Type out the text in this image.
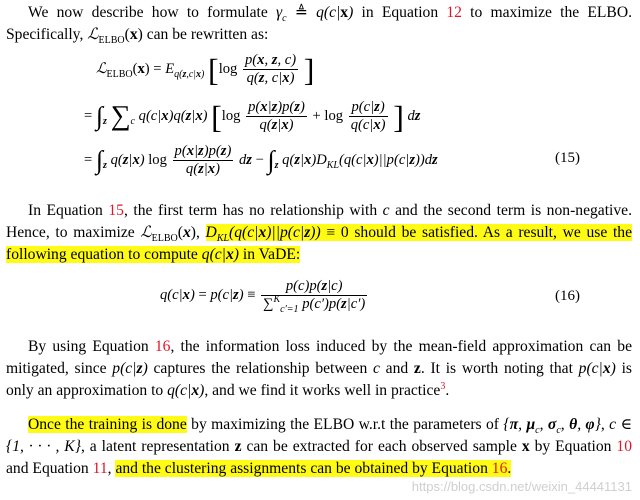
We now describe how to formulate $\gamma_c$ ≜ q(c|x) in Equation 12 to maximize the ELBO. Specifically, ℒ$_{ELBO}$(x) can be rewritten as:
ℒ$_{ELBO}$(x) = $E_{q(z,c|x)}$ [$\log \frac{p(x, z, c)}{q(z, c|x)}$ ]
= $\int_z$ $\sum_c$ q(c|x)q(z|x) [$\log \frac{p(x|z)p(z)}{q(z|x)} + \log \frac{p(c|z)}{q(c|x)}$ ] dz
= $\int_z$ q(z|x) $\log \frac{p(x|z)p(z)}{q(z|x)}$ dz − $\int_z$ $q(z|x)D_{KL}(q(c|x)||p(c|z))dz$	(15)
In Equation 15, the first term has no relationship with c and the second term is non-negative. Hence, to maximize ℒ$_{ELBO}$(x), $D_{KL}(q(c|x)||p(c|z)) \equiv 0$ should be satisfied. As a result, we use the following equation to compute q(c|x) in VaDE:
$q(c|x) = p(c|z) \equiv \frac{p(c)p(z|c)}{\sum^K_{c'=1} p(c')p(z|c')}$	(16)
By using Equation 16, the information loss induced by the mean-field approximation can be mitigated, since p(c|z) captures the relationship between c and z. It is worth noting that p(c|x) is only an approximation to q(c|x), and we find it works well in practice$^3$.
Once the training is done by maximizing the ELBO w.r.t the parameters of {π, $\mu_c$, $\sigma_c$, θ, φ}, c ∈ {1, · · · , K}, a latent representation z can be extracted for each observed sample x by Equation 10 and Equation 11, and the clustering assignments can be obtained by Equation 16.
https://blog.csdn.net/weixin_44441131
